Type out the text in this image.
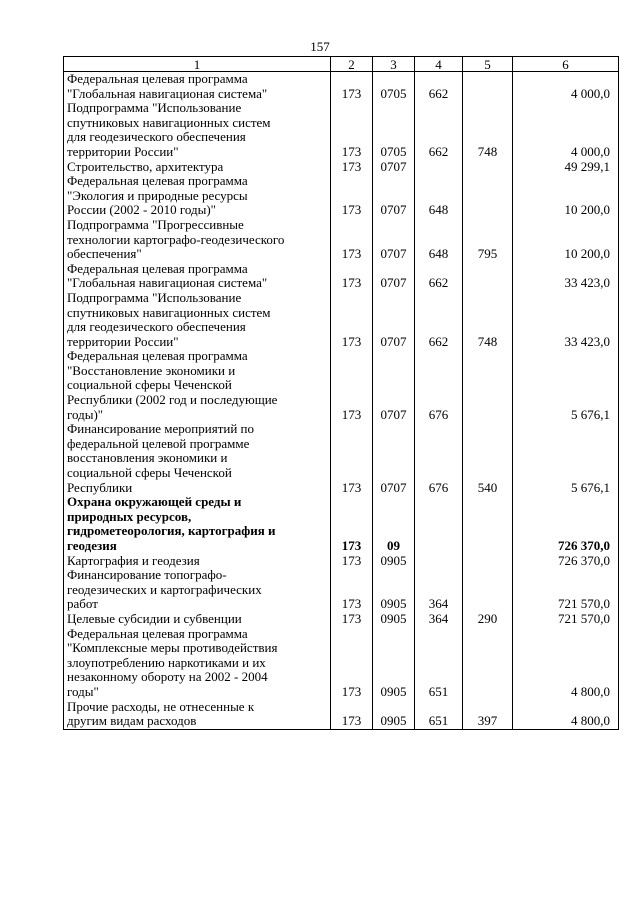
157
1	2	3	4	5	6
Федеральная целевая программа
"Глобальная навигационая система"	173	0705	662		4 000,0
Подпрограмма "Использование
спутниковых навигационных систем
для геодезического обеспечения
территории России"	173	0705	662	748	4 000,0
Строительство, архитектура	173	0707			49 299,1
Федеральная целевая программа
"Экология и природные ресурсы
России (2002 - 2010 годы)"	173	0707	648		10 200,0
Подпрограмма "Прогрессивные
технологии картографо-геодезического
обеспечения"	173	0707	648	795	10 200,0
Федеральная целевая программа
"Глобальная навигационая система"	173	0707	662		33 423,0
Подпрограмма "Использование
спутниковых навигационных систем
для геодезического обеспечения
территории России"	173	0707	662	748	33 423,0
Федеральная целевая программа
"Восстановление экономики и
социальной сферы Чеченской
Республики (2002 год и последующие
годы)"	173	0707	676		5 676,1
Финансирование мероприятий по
федеральной целевой программе
восстановления экономики и
социальной сферы Чеченской
Республики	173	0707	676	540	5 676,1
Охрана окружающей среды и
природных ресурсов,
гидрометеорология, картография и
геодезия	173	09			726 370,0
Картография и геодезия	173	0905			726 370,0
Финансирование топографо-
геодезических и картографических
работ	173	0905	364		721 570,0
Целевые субсидии и субвенции	173	0905	364	290	721 570,0
Федеральная целевая программа
"Комплексные меры противодействия
злоупотреблению наркотиками и их
незаконному обороту на 2002 - 2004
годы"	173	0905	651		4 800,0
Прочие расходы, не отнесенные к
другим видам расходов	173	0905	651	397	4 800,0
